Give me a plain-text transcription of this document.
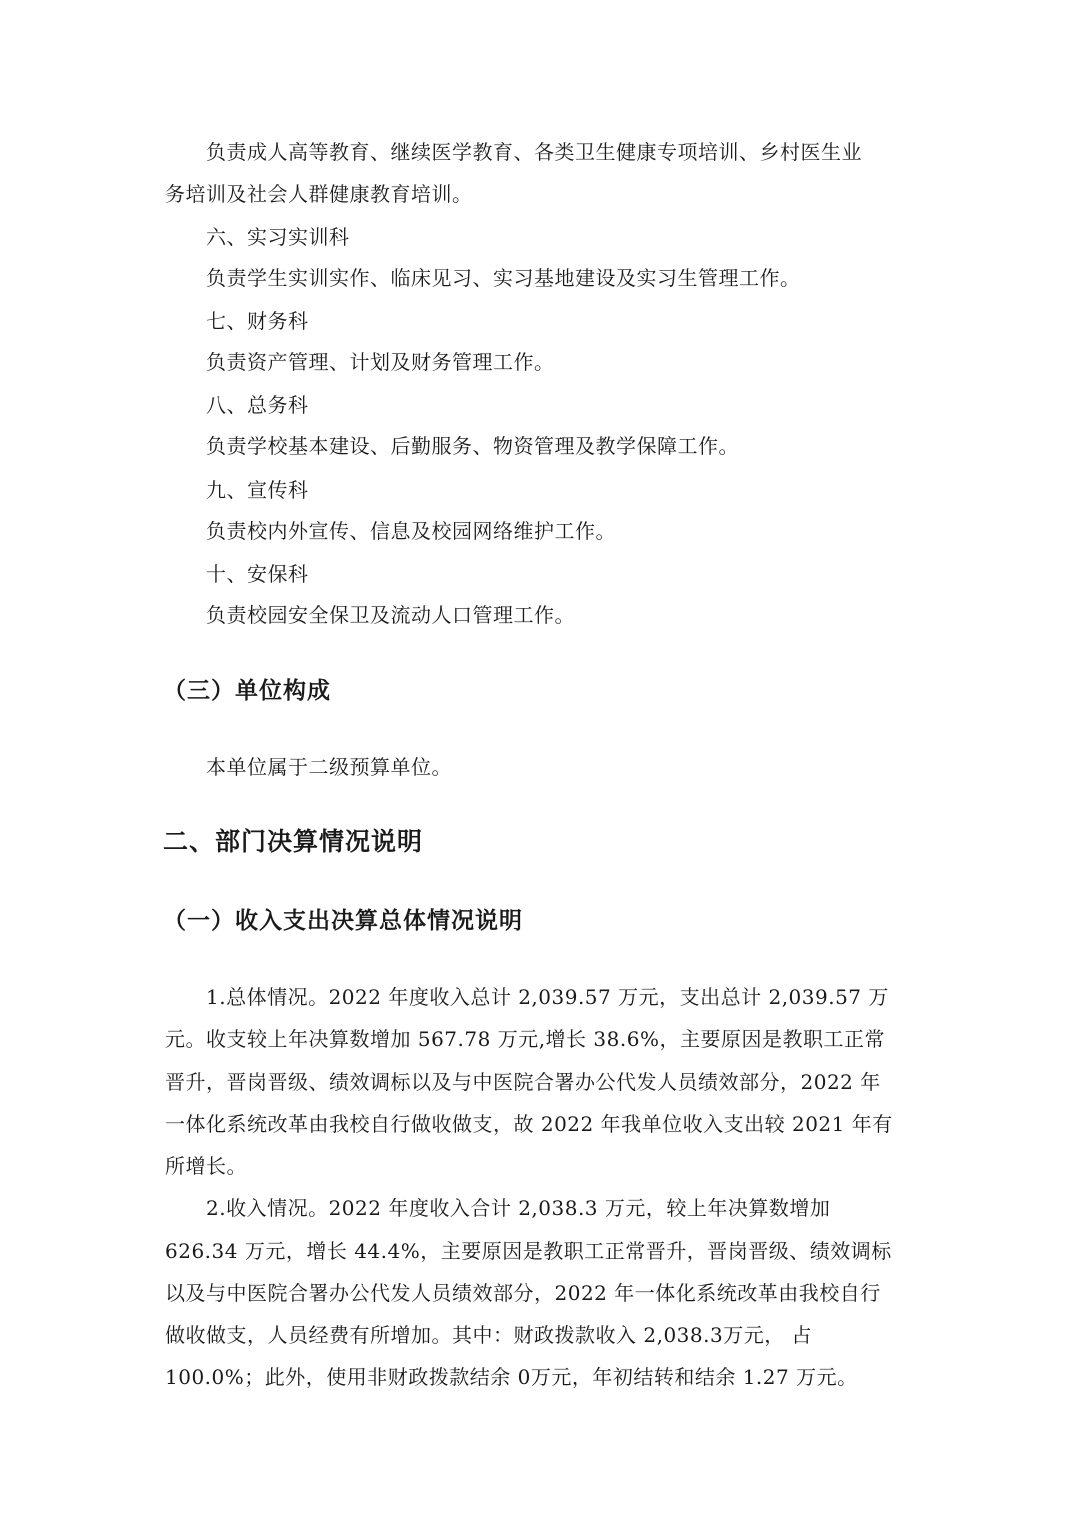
负责成人高等教育、继续医学教育、各类卫生健康专项培训、乡村医生业
务培训及社会人群健康教育培训。
六、实习实训科
负责学生实训实作、临床见习、实习基地建设及实习生管理工作。
七、财务科
负责资产管理、计划及财务管理工作。
八、总务科
负责学校基本建设、后勤服务、物资管理及教学保障工作。
九、宣传科
负责校内外宣传、信息及校园网络维护工作。
十、安保科
负责校园安全保卫及流动人口管理工作。
（三）单位构成
本单位属于二级预算单位。
二、部门决算情况说明
（一）收入支出决算总体情况说明
1.总体情况。2022 年度收入总计 2,039.57 万元，支出总计 2,039.57 万
元。收支较上年决算数增加 567.78 万元,增长 38.6%，主要原因是教职工正常
晋升，晋岗晋级、绩效调标以及与中医院合署办公代发人员绩效部分，2022 年
一体化系统改革由我校自行做收做支，故 2022 年我单位收入支出较 2021 年有
所增长。
2.收入情况。2022 年度收入合计 2,038.3 万元，较上年决算数增加
626.34 万元，增长 44.4%，主要原因是教职工正常晋升，晋岗晋级、绩效调标
以及与中医院合署办公代发人员绩效部分，2022 年一体化系统改革由我校自行
做收做支，人员经费有所增加。其中：财政拨款收入 2,038.3万元， 占
100.0%；此外，使用非财政拨款结余 0万元，年初结转和结余 1.27 万元。
